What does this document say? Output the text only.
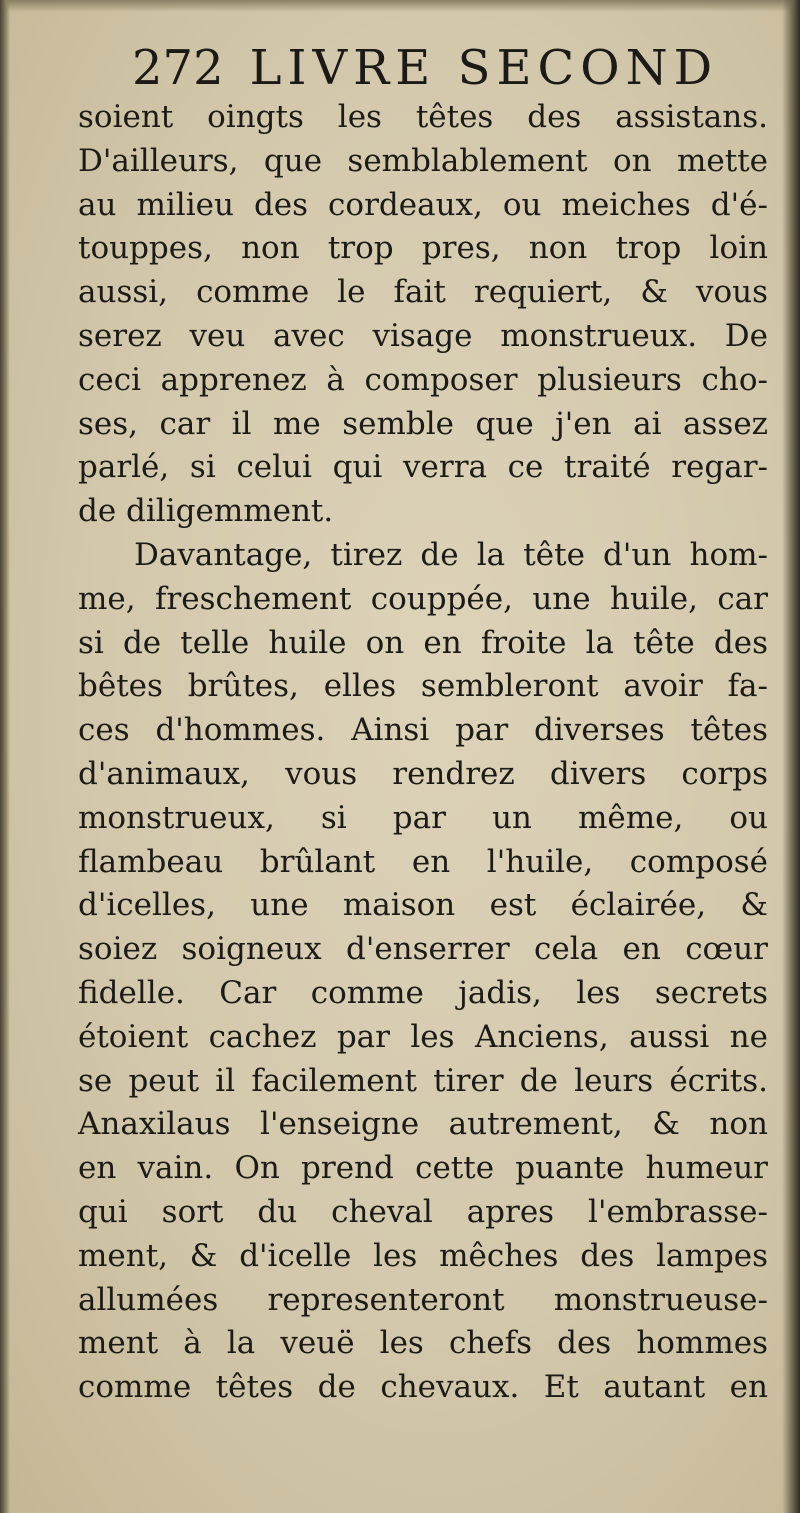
272 LIVRE SECOND
soient oingts les têtes des assistans.
D'ailleurs, que semblablement on mette
au milieu des cordeaux, ou meiches d'é-
touppes, non trop pres, non trop loin
aussi, comme le fait requiert, & vous
serez veu avec visage monstrueux. De
ceci apprenez à composer plusieurs cho-
ses, car il me semble que j'en ai assez
parlé, si celui qui verra ce traité regar-
de diligemment.
Davantage, tirez de la tête d'un hom-
me, freschement couppée, une huile, car
si de telle huile on en froite la tête des
bêtes brûtes, elles sembleront avoir fa-
ces d'hommes. Ainsi par diverses têtes
d'animaux, vous rendrez divers corps
monstrueux, si par un même, ou
flambeau brûlant en l'huile, composé
d'icelles, une maison est éclairée, &
soiez soigneux d'enserrer cela en cœur
fidelle. Car comme jadis, les secrets
étoient cachez par les Anciens, aussi ne
se peut il facilement tirer de leurs écrits.
Anaxilaus l'enseigne autrement, & non
en vain. On prend cette puante humeur
qui sort du cheval apres l'embrasse-
ment, & d'icelle les mêches des lampes
allumées representeront monstrueuse-
ment à la veuë les chefs des hommes
comme têtes de chevaux. Et autant en
